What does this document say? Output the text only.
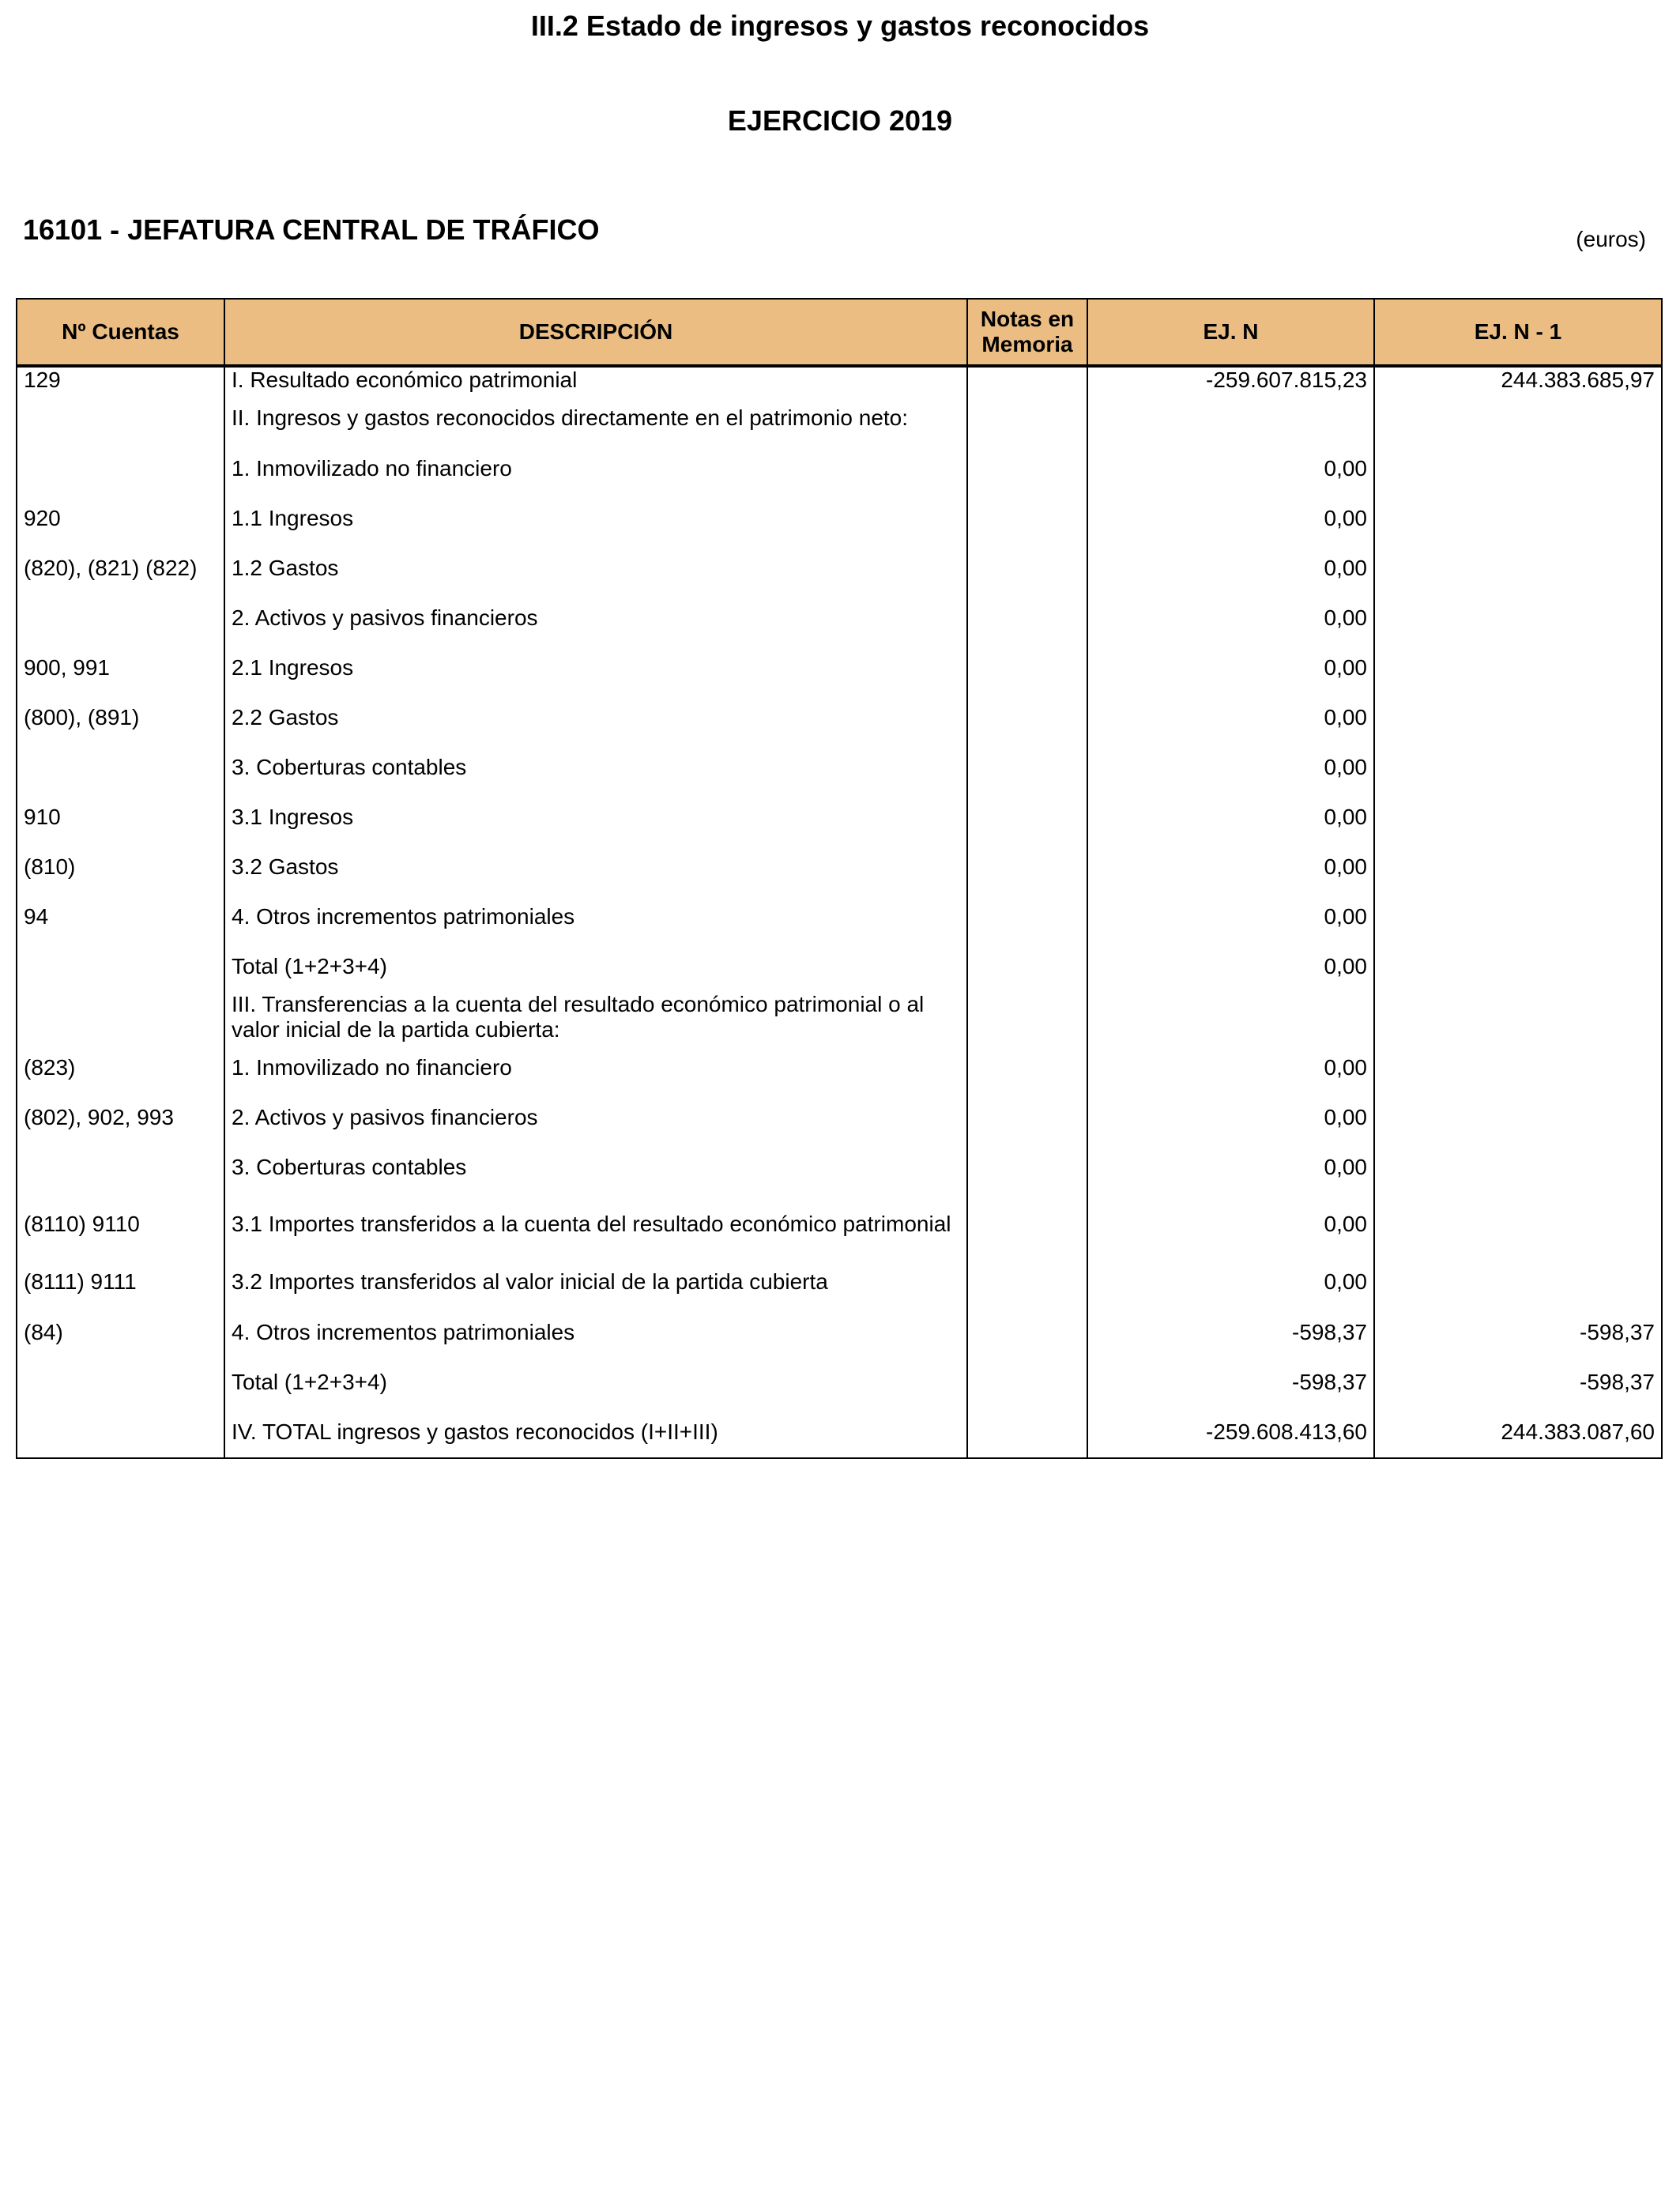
III.2 Estado de ingresos y gastos reconocidos
EJERCICIO 2019
16101 - JEFATURA CENTRAL DE TRÁFICO	(euros)
Nº Cuentas	DESCRIPCIÓN	Notas en Memoria	EJ. N	EJ. N - 1
129	I. Resultado económico patrimonial		-259.607.815,23	244.383.685,97
	II. Ingresos y gastos reconocidos directamente en el patrimonio neto:			
	1. Inmovilizado no financiero		0,00	
920	1.1 Ingresos		0,00	
(820), (821) (822)	1.2 Gastos		0,00	
	2. Activos y pasivos financieros		0,00	
900, 991	2.1 Ingresos		0,00	
(800), (891)	2.2 Gastos		0,00	
	3. Coberturas contables		0,00	
910	3.1 Ingresos		0,00	
(810)	3.2 Gastos		0,00	
94	4. Otros incrementos patrimoniales		0,00	
	Total (1+2+3+4)		0,00	
	III. Transferencias a la cuenta del resultado económico patrimonial o al valor inicial de la partida cubierta:			
(823)	1. Inmovilizado no financiero		0,00	
(802), 902, 993	2. Activos y pasivos financieros		0,00	
	3. Coberturas contables		0,00	
(8110) 9110	3.1 Importes transferidos a la cuenta del resultado económico patrimonial		0,00	
(8111) 9111	3.2 Importes transferidos al valor inicial de la partida cubierta		0,00	
(84)	4. Otros incrementos patrimoniales		-598,37	-598,37
	Total (1+2+3+4)		-598,37	-598,37
	IV. TOTAL ingresos y gastos reconocidos (I+II+III)		-259.608.413,60	244.383.087,60
